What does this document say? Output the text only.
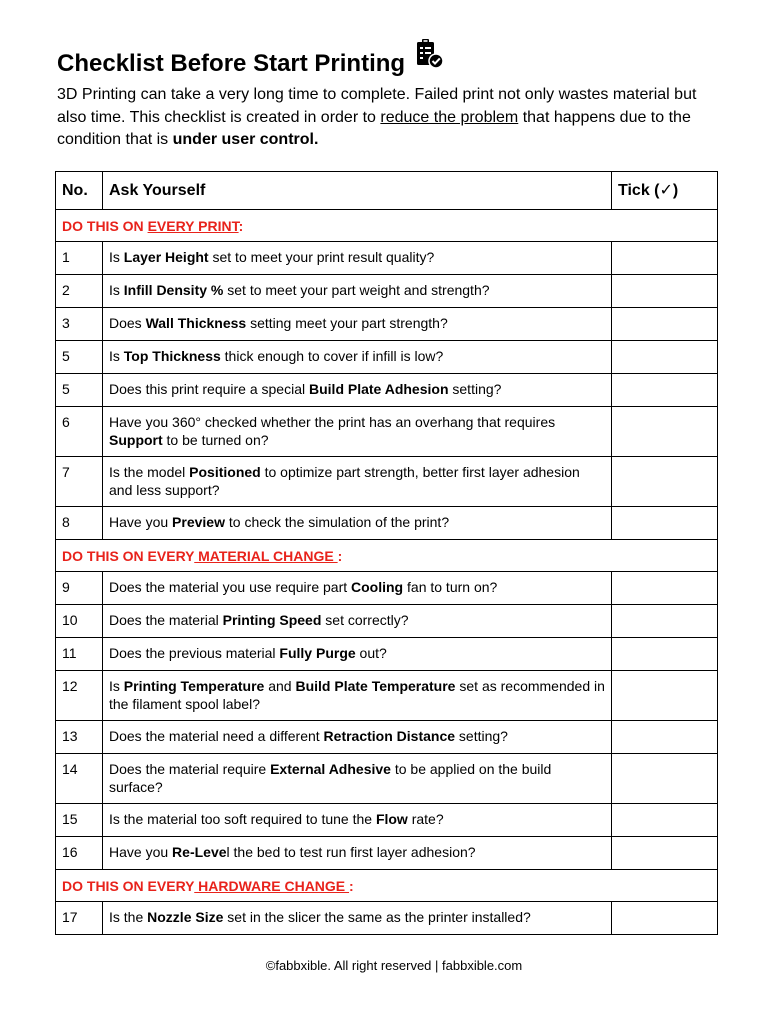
Checklist Before Start Printing

3D Printing can take a very long time to complete. Failed print not only wastes material but also time. This checklist is created in order to reduce the problem that happens due to the condition that is under user control.

No.	Ask Yourself	Tick (✓)
DO THIS ON EVERY PRINT:		
1	Is Layer Height set to meet your print result quality?	
2	Is Infill Density % set to meet your part weight and strength?	
3	Does Wall Thickness setting meet your part strength?	
5	Is Top Thickness thick enough to cover if infill is low?	
5	Does this print require a special Build Plate Adhesion setting?	
6	Have you 360° checked whether the print has an overhang that requires Support to be turned on?	
7	Is the model Positioned to optimize part strength, better first layer adhesion and less support?	
8	Have you Preview to check the simulation of the print?	
DO THIS ON EVERY MATERIAL CHANGE :		
9	Does the material you use require part Cooling fan to turn on?	
10	Does the material Printing Speed set correctly?	
11	Does the previous material Fully Purge out?	
12	Is Printing Temperature and Build Plate Temperature set as recommended in the filament spool label?	
13	Does the material need a different Retraction Distance setting?	
14	Does the material require External Adhesive to be applied on the build surface?	
15	Is the material too soft required to tune the Flow rate?	
16	Have you Re-Level the bed to test run first layer adhesion?	
DO THIS ON EVERY HARDWARE CHANGE :		
17	Is the Nozzle Size set in the slicer the same as the printer installed?	
©fabbxible. All right reserved | fabbxible.com
